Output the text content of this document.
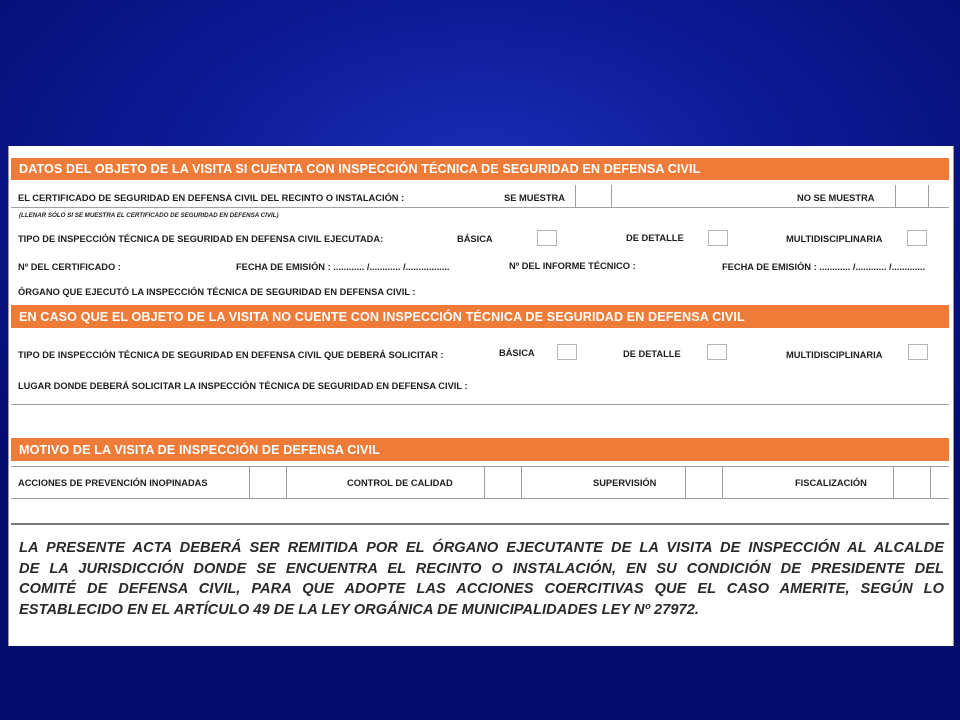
DATOS DEL OBJETO DE LA VISITA SI CUENTA CON INSPECCIÓN TÉCNICA DE SEGURIDAD EN DEFENSA CIVIL
EL CERTIFICADO DE SEGURIDAD EN DEFENSA CIVIL DEL RECINTO O INSTALACIÓN :	SE MUESTRA	NO SE MUESTRA
(LLENAR SÓLO SI SE MUESTRA EL CERTIFICADO DE SEGURIDAD EN DEFENSA CIVIL)
TIPO DE INSPECCIÓN TÉCNICA DE SEGURIDAD EN DEFENSA CIVIL EJECUTADA:	BÁSICA	DE DETALLE	MULTIDISCIPLINARIA
Nº DEL CERTIFICADO :	FECHA DE EMISIÓN : ............ /............ /.................	Nº DEL INFORME TÉCNICO :	FECHA DE EMISIÓN : ............ /............ /.............
ÓRGANO QUE EJECUTÓ LA INSPECCIÓN TÉCNICA DE SEGURIDAD EN DEFENSA CIVIL :
EN CASO QUE EL OBJETO DE LA VISITA NO CUENTE CON INSPECCIÓN TÉCNICA DE SEGURIDAD EN DEFENSA CIVIL
TIPO DE INSPECCIÓN TÉCNICA DE SEGURIDAD EN DEFENSA CIVIL QUE DEBERÁ SOLICITAR :	BÁSICA	DE DETALLE	MULTIDISCIPLINARIA
LUGAR DONDE DEBERÁ SOLICITAR LA INSPECCIÓN TÉCNICA DE SEGURIDAD EN DEFENSA CIVIL :
MOTIVO DE LA VISITA DE INSPECCIÓN DE DEFENSA CIVIL
ACCIONES DE PREVENCIÓN INOPINADAS	CONTROL DE CALIDAD	SUPERVISIÓN	FISCALIZACIÓN
LA PRESENTE ACTA DEBERÁ SER REMITIDA POR EL ÓRGANO EJECUTANTE DE LA VISITA DE INSPECCIÓN AL ALCALDE
DE LA JURISDICCIÓN DONDE SE ENCUENTRA EL RECINTO O INSTALACIÓN, EN SU CONDICIÓN DE PRESIDENTE DEL
COMITÉ DE DEFENSA CIVIL, PARA QUE ADOPTE LAS ACCIONES COERCITIVAS QUE EL CASO AMERITE, SEGÚN LO
ESTABLECIDO EN EL ARTÍCULO 49 DE LA LEY ORGÁNICA DE MUNICIPALIDADES LEY Nº 27972.
